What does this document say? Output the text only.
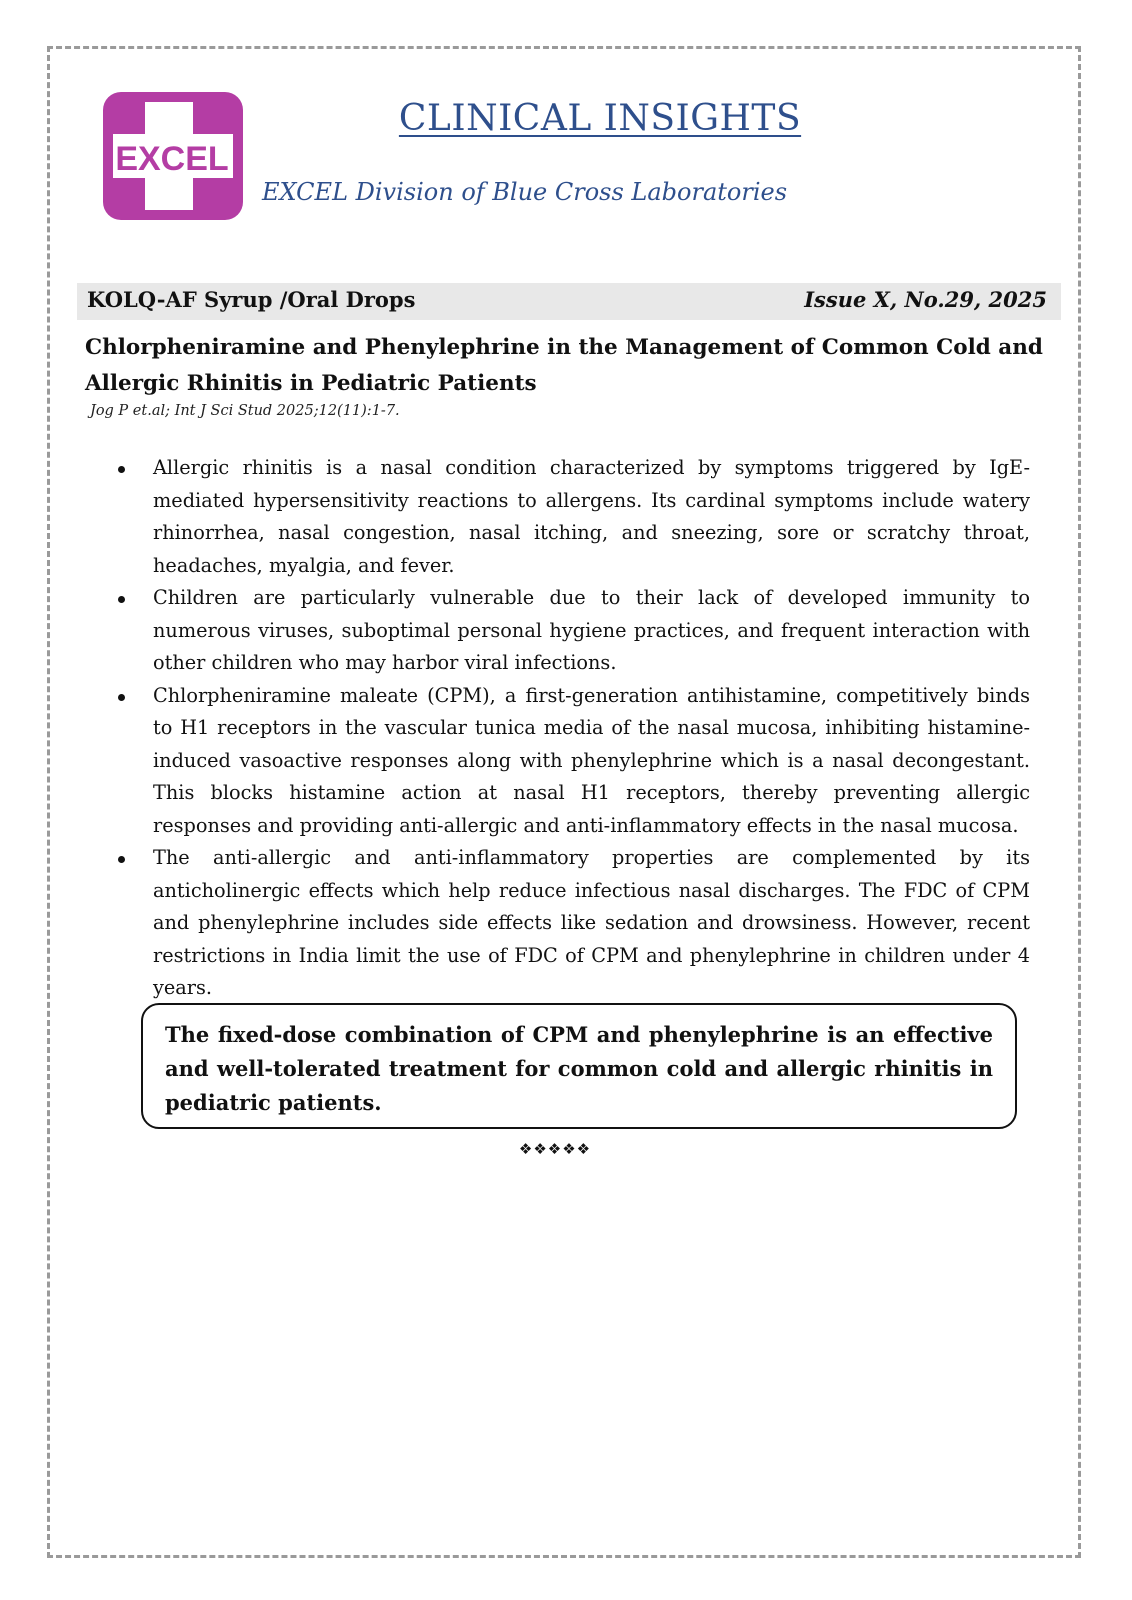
EXCEL
CLINICAL INSIGHTS
EXCEL Division of Blue Cross Laboratories
KOLQ-AF Syrup /Oral Drops	Issue X, No.29, 2025
Chlorpheniramine and Phenylephrine in the Management of Common Cold and Allergic Rhinitis in Pediatric Patients
Jog P et.al; Int J Sci Stud 2025;12(11):1-7.
Allergic rhinitis is a nasal condition characterized by symptoms triggered by IgE-mediated hypersensitivity reactions to allergens. Its cardinal symptoms include watery rhinorrhea, nasal congestion, nasal itching, and sneezing, sore or scratchy throat, headaches, myalgia, and fever.
Children are particularly vulnerable due to their lack of developed immunity to numerous viruses, suboptimal personal hygiene practices, and frequent interaction with other children who may harbor viral infections.
Chlorpheniramine maleate (CPM), a first-generation antihistamine, competitively binds to H1 receptors in the vascular tunica media of the nasal mucosa, inhibiting histamine-induced vasoactive responses along with phenylephrine which is a nasal decongestant. This blocks histamine action at nasal H1 receptors, thereby preventing allergic responses and providing anti-allergic and anti-inflammatory effects in the nasal mucosa.
The anti-allergic and anti-inflammatory properties are complemented by its anticholinergic effects which help reduce infectious nasal discharges. The FDC of CPM and phenylephrine includes side effects like sedation and drowsiness. However, recent restrictions in India limit the use of FDC of CPM and phenylephrine in children under 4 years.
The fixed-dose combination of CPM and phenylephrine is an effective and well-tolerated treatment for common cold and allergic rhinitis in pediatric patients.
❖❖❖❖❖
